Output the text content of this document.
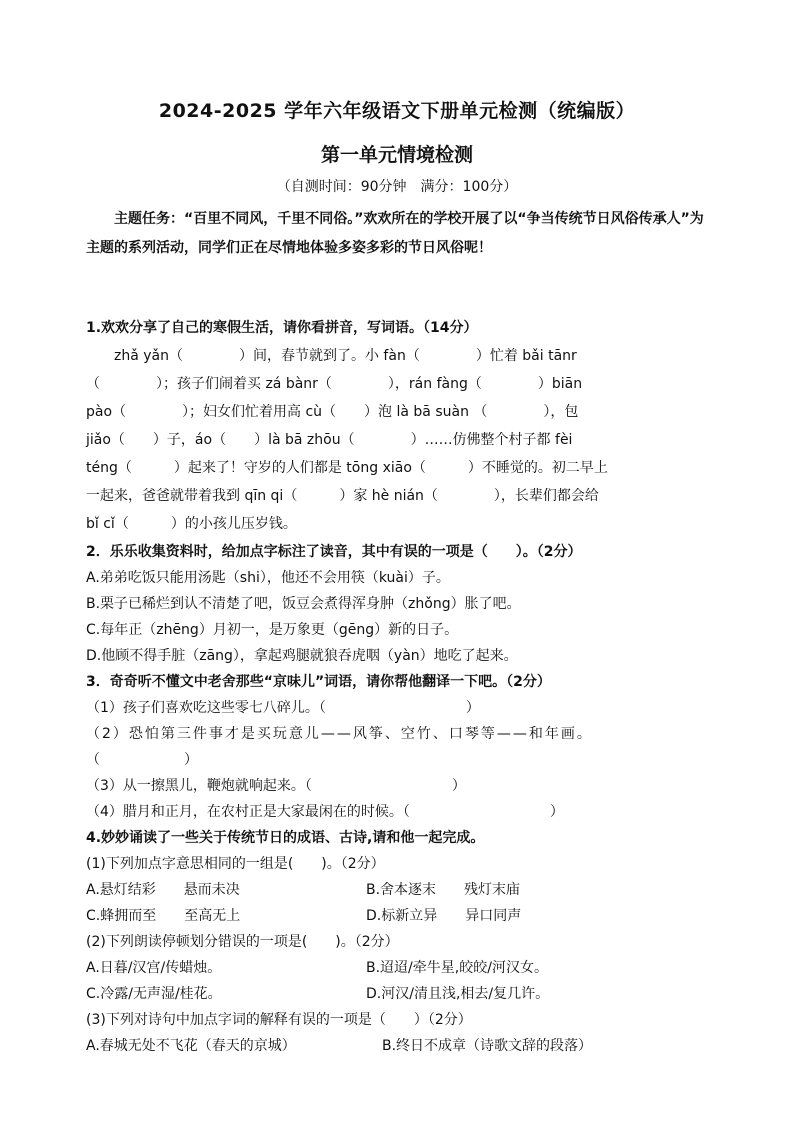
2024-2025 学年六年级语文下册单元检测（统编版）
第一单元情境检测
（自测时间：90分钟　满分：100分）
　　主题任务：“百里不同风，千里不同俗。”欢欢所在的学校开展了以“争当传统节日风俗传承人”为主题的系列活动，同学们正在尽情地体验多姿多彩的节日风俗呢！
1.欢欢分享了自己的寒假生活，请你看拼音，写词语。（14分）
　　zhǎ yǎn（　　　　）间，春节就到了。小 fàn（　　　　）忙着 bǎi tānr
（　　　　）；孩子们闹着买 zá bànr（　　　　），rán fàng（　　　　）biān
pào（　　　　）；妇女们忙着用高 cù（　　）泡 là bā suàn （　　　　），包
jiǎo（　　）子，áo（　　）là bā zhōu（　　　　）……仿佛整个村子都 fèi
téng（　　　）起来了！守岁的人们都是 tōng xiāo（　　　）不睡觉的。初二早上
一起来，爸爸就带着我到 qīn qi（　　　）家 hè nián（　　　　），长辈们都会给
bǐ cǐ（　　　）的小孩儿压岁钱。
2．乐乐收集资料时，给加点字标注了读音，其中有误的一项是（　　）。（2分）
A.弟弟吃饭只能用汤匙（shi），他还不会用筷（kuài）子。
B.栗子已稀烂到认不清楚了吧，饭豆会煮得浑身肿（zhǒng）胀了吧。
C.每年正（zhēng）月初一，是万象更（gēng）新的日子。
D.他顾不得手脏（zāng），拿起鸡腿就狼吞虎咽（yàn）地吃了起来。
3．奇奇听不懂文中老舍那些“京味儿”词语，请你帮他翻译一下吧。（2分）
（1）孩子们喜欢吃这些零七八碎儿。（　　　　　　　　　　）
（2）恐怕第三件事才是买玩意儿——风筝、空竹、口琴等——和年画。
（　　　　　　）
（3）从一擦黑儿，鞭炮就响起来。（　　　　　　　　　　）
（4）腊月和正月，在农村正是大家最闲在的时候。（　　　　　　　　　　）
4.妙妙诵读了一些关于传统节日的成语、古诗,请和他一起完成。
(1)下列加点字意思相同的一组是(　　)。（2分）
A.悬灯结彩　　悬而未决	B.舍本逐末　　残灯末庙
C.蜂拥而至　　至高无上	D.标新立异　　异口同声
(2)下列朗读停顿划分错误的一项是(　　)。（2分）
A.日暮/汉宫/传蜡烛。	B.迢迢/牵牛星,皎皎/河汉女。
C.冷露/无声湿/桂花。	D.河汉/清且浅,相去/复几许。
(3)下列对诗句中加点字词的解释有误的一项是（　　）（2分）
A.春城无处不飞花（春天的京城）	B.终日不成章（诗歌文辞的段落）
